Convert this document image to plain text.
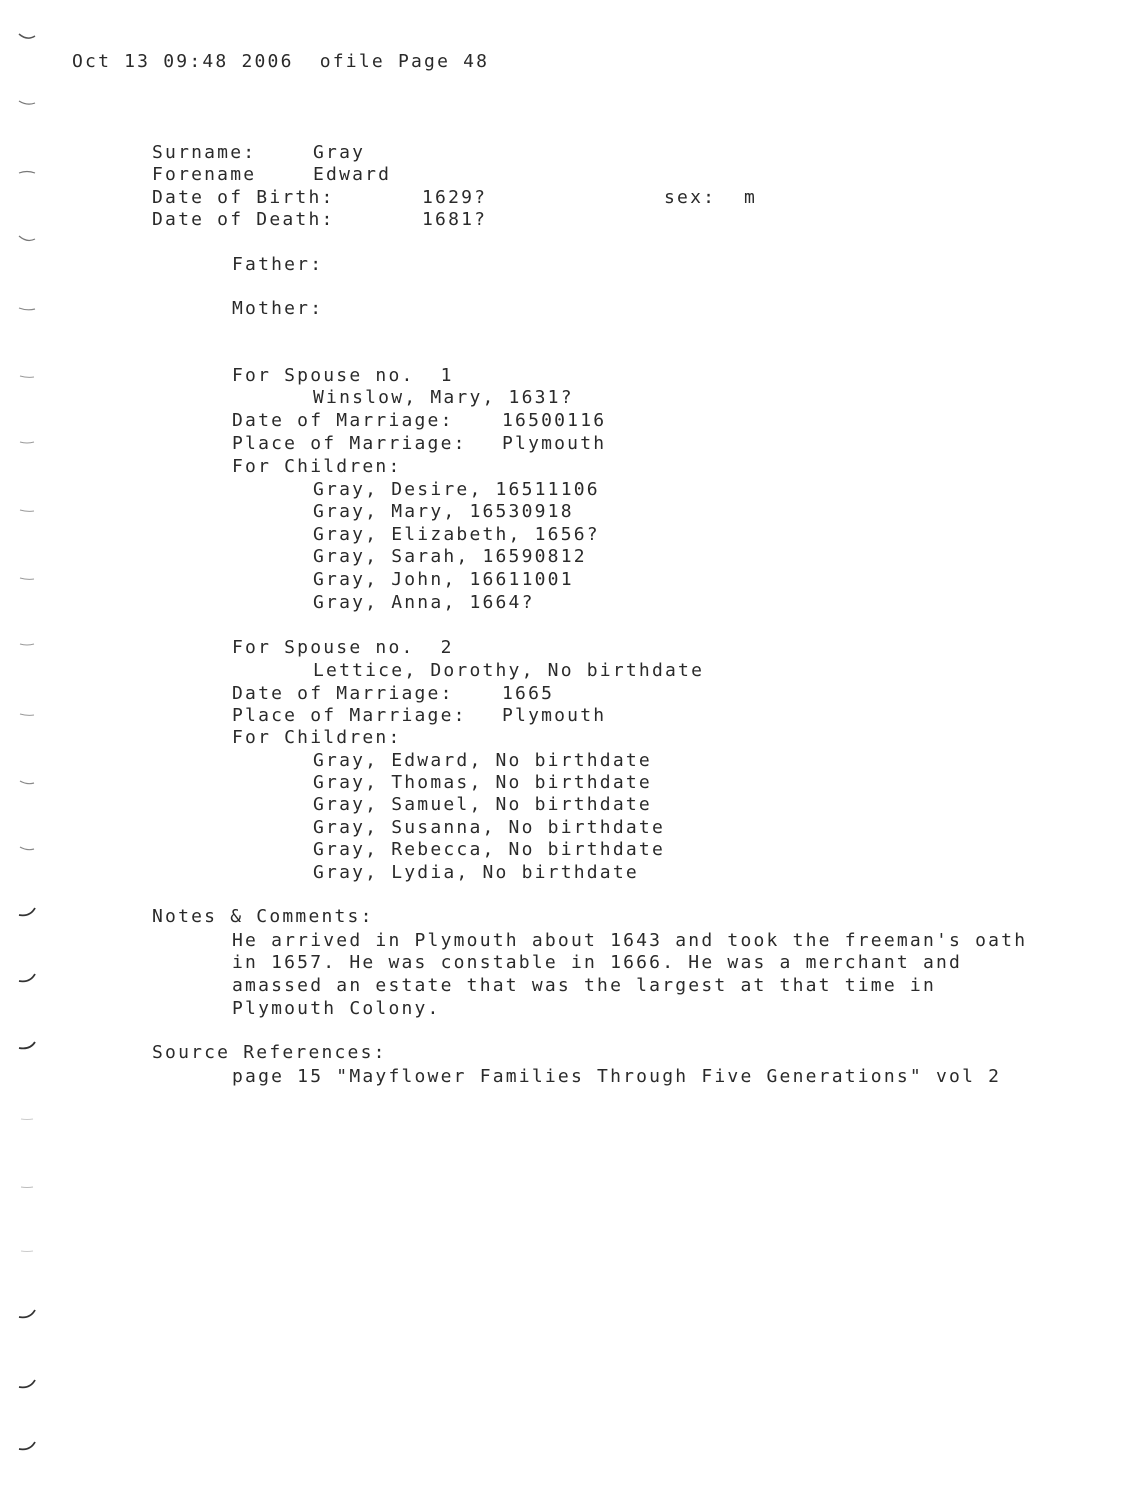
Oct 13 09:48 2006 ofile Page 48
Surname:	Gray
Forename	Edward
Date of Birth:	1629?	sex: m
Date of Death:	1681?
Father:
Mother:
For Spouse no.  1
Winslow, Mary, 1631?
Date of Marriage:	16500116
Place of Marriage: Plymouth
For Children:
Gray, Desire, 16511106
Gray, Mary, 16530918
Gray, Elizabeth, 1656?
Gray, Sarah, 16590812
Gray, John, 16611001
Gray, Anna, 1664?
For Spouse no.  2
Lettice, Dorothy, No birthdate
Date of Marriage:	1665
Place of Marriage: Plymouth
For Children:
Gray, Edward, No birthdate
Gray, Thomas, No birthdate
Gray, Samuel, No birthdate
Gray, Susanna, No birthdate
Gray, Rebecca, No birthdate
Gray, Lydia, No birthdate
Notes & Comments:
He arrived in Plymouth about 1643 and took the freeman's oath
in 1657. He was constable in 1666. He was a merchant and
amassed an estate that was the largest at that time in
Plymouth Colony.
Source References:
page 15 "Mayflower Families Through Five Generations" vol 2
